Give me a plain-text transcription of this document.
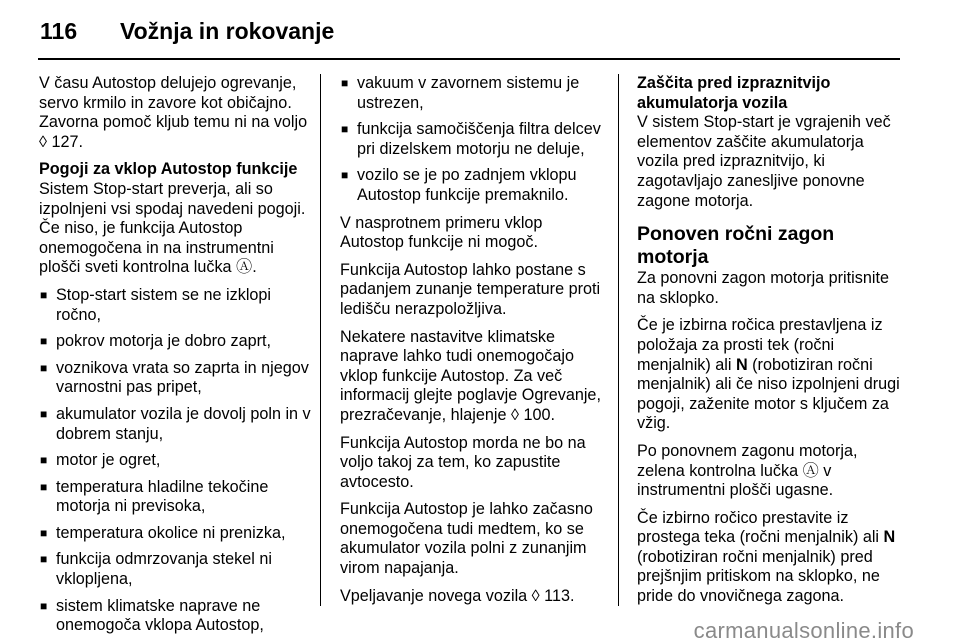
116 Vožnja in rokovanje

V času Autostop delujejo ogrevanje, servo krmilo in zavore kot običajno. Zavorna pomoč kljub temu ni na voljo ◊ 127.

Pogoji za vklop Autostop funkcije

Sistem Stop-start preverja, ali so izpolnjeni vsi spodaj navedeni pogoji. Če niso, je funkcija Autostop onemogočena in na instrumentni plošči sveti kontrolna lučka Ⓐ.

■ Stop-start sistem se ne izklopi ročno,
■ pokrov motorja je dobro zaprt,
■ voznikova vrata so zaprta in njegov varnostni pas pripet,
■ akumulator vozila je dovolj poln in v dobrem stanju,
■ motor je ogret,
■ temperatura hladilne tekočine motorja ni previsoka,
■ temperatura okolice ni prenizka,
■ funkcija odmrzovanja stekel ni vklopljena,
■ sistem klimatske naprave ne onemogoča vklopa Autostop,
■ vakuum v zavornem sistemu je ustrezen,
■ funkcija samočiščenja filtra delcev pri dizelskem motorju ne deluje,
■ vozilo se je po zadnjem vklopu Autostop funkcije premaknilo.

V nasprotnem primeru vklop Autostop funkcije ni mogoč.

Funkcija Autostop lahko postane s padanjem zunanje temperature proti ledišču nerazpoložljiva.

Nekatere nastavitve klimatske naprave lahko tudi onemogočajo vklop funkcije Autostop. Za več informacij glejte poglavje Ogrevanje, prezračevanje, hlajenje ◊ 100.

Funkcija Autostop morda ne bo na voljo takoj za tem, ko zapustite avtocesto.

Funkcija Autostop je lahko začasno onemogočena tudi medtem, ko se akumulator vozila polni z zunanjim virom napajanja.

Vpeljavanje novega vozila ◊ 113.

Zaščita pred izpraznitvijo akumulatorja vozila

V sistem Stop-start je vgrajenih več elementov zaščite akumulatorja vozila pred izpraznitvijo, ki zagotavljajo zanesljive ponovne zagone motorja.

Ponoven ročni zagon motorja

Za ponovni zagon motorja pritisnite na sklopko.

Če je izbirna ročica prestavljena iz položaja za prosti tek (ročni menjalnik) ali N (robotiziran ročni menjalnik) ali če niso izpolnjeni drugi pogoji, zaženite motor s ključem za vžig.

Po ponovnem zagonu motorja, zelena kontrolna lučka Ⓐ v instrumentni plošči ugasne.

Če izbirno ročico prestavite iz prostega teka (ročni menjalnik) ali N (robotiziran ročni menjalnik) pred prejšnjim pritiskom na sklopko, ne pride do vnovičnega zagona.

carmanualsonline.info
